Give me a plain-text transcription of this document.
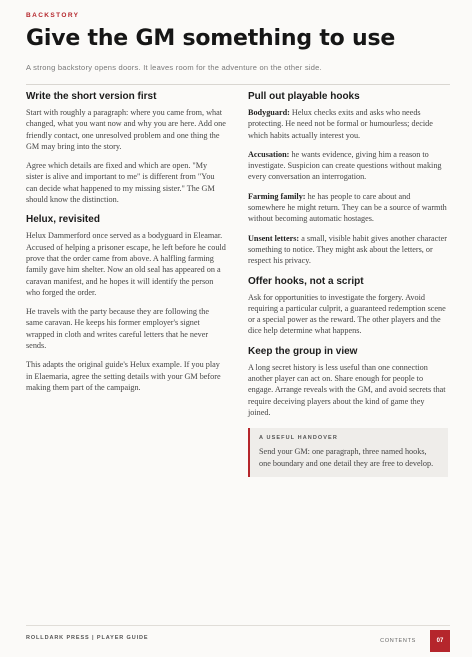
BACKSTORY
Give the GM something to use
A strong backstory opens doors. It leaves room for the adventure on the other side.
Write the short version first

Start with roughly a paragraph: where you came from, what changed, what you want now and why you are here. Add one friendly contact, one unresolved problem and one thing the GM may bring into the story.

Agree which details are fixed and which are open. "My sister is alive and important to me" is different from "You can decide what happened to my missing sister." The GM should know the distinction.

Helux, revisited

Helux Dammerford once served as a bodyguard in Eleamar. Accused of helping a prisoner escape, he left before he could prove that the order came from above. A halfling farming family gave him shelter. Now an old seal has appeared on a caravan manifest, and he hopes it will identify the person who forged the order.

He travels with the party because they are following the same caravan. He keeps his former employer's signet wrapped in cloth and writes careful letters that he never sends.

This adapts the original guide's Helux example. If you play in Elaemaria, agree the setting details with your GM before making them part of the campaign.

Pull out playable hooks

Bodyguard: Helux checks exits and asks who needs protecting. He need not be formal or humourless; decide which habits actually interest you.

Accusation: he wants evidence, giving him a reason to investigate. Suspicion can create questions without making every conversation an interrogation.

Farming family: he has people to care about and somewhere he might return. They can be a source of warmth without becoming automatic hostages.

Unsent letters: a small, visible habit gives another character something to notice. They might ask about the letters, or respect his privacy.

Offer hooks, not a script

Ask for opportunities to investigate the forgery. Avoid requiring a particular culprit, a guaranteed redemption scene or a special power as the reward. The other players and the dice help determine what happens.

Keep the group in view

A long secret history is less useful than one connection another player can act on. Share enough for people to engage. Arrange reveals with the GM, and avoid secrets that require deceiving players about the kind of game they joined.

A USEFUL HANDOVER

Send your GM: one paragraph, three named hooks, one boundary and one detail they are free to develop.

ROLLDARK PRESS | PLAYER GUIDE	CONTENTS	07
